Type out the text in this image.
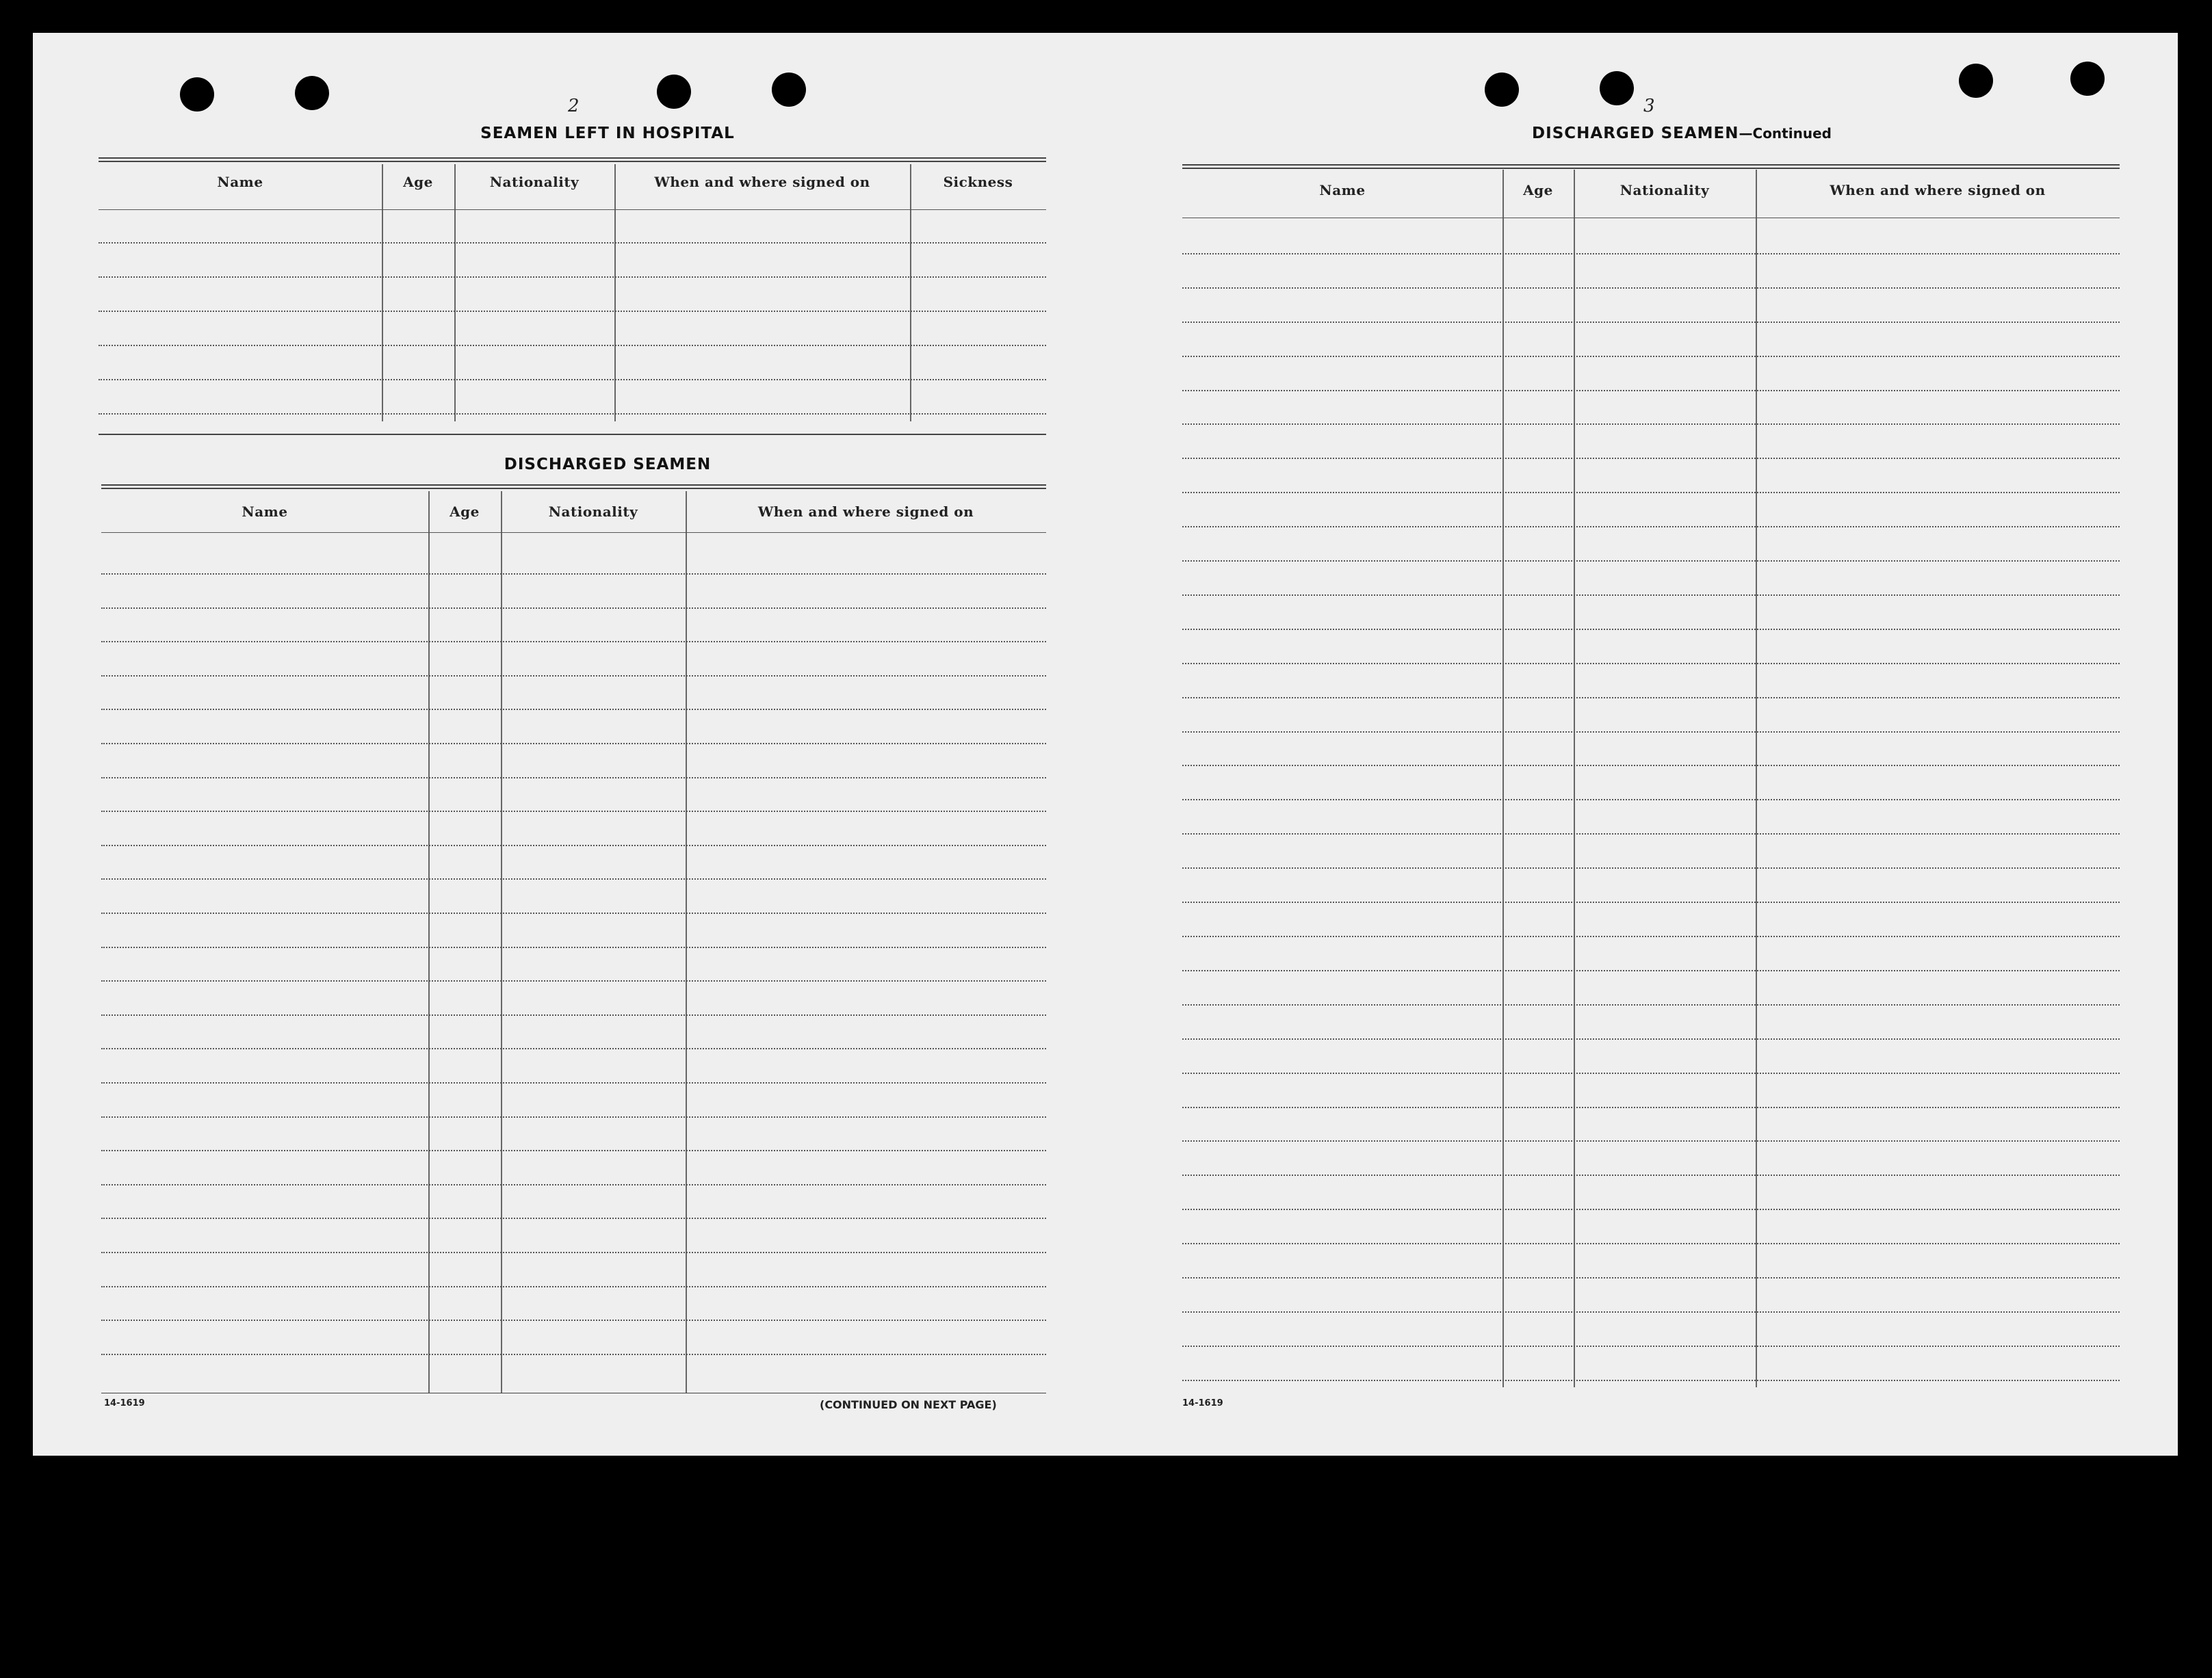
2
SEAMEN LEFT IN HOSPITAL
Name	Age	Nationality	When and where signed on	Sickness
DISCHARGED SEAMEN
Name	Age	Nationality	When and where signed on
14-1619	(CONTINUED ON NEXT PAGE)
3
DISCHARGED SEAMEN—Continued
Name	Age	Nationality	When and where signed on
14-1619
